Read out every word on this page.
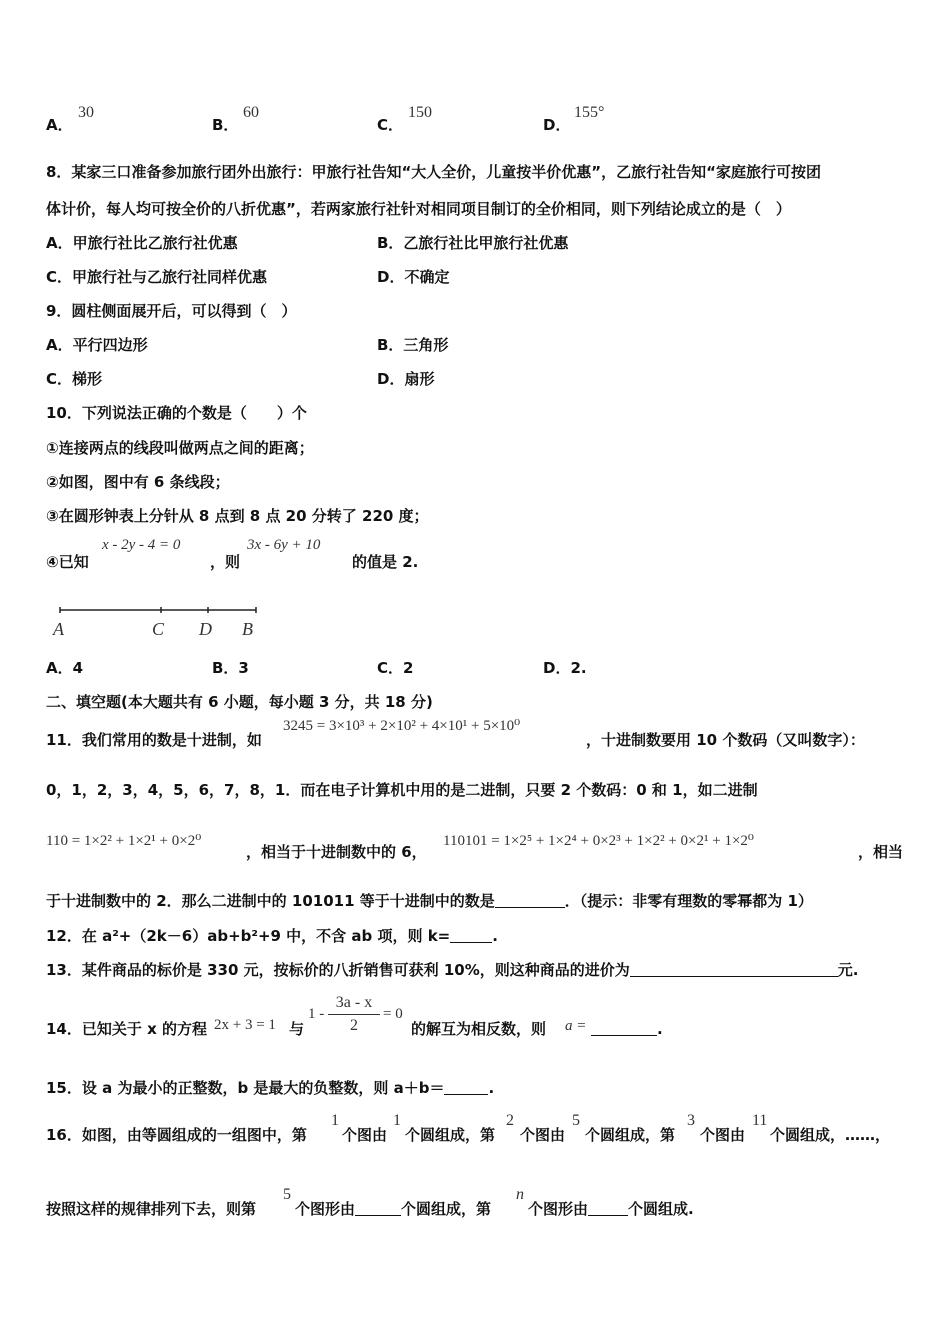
A．
30
B．
60
C．
150
D．
155°
8．某家三口准备参加旅行团外出旅行：甲旅行社告知“大人全价，儿童按半价优惠”，乙旅行社告知“家庭旅行可按团
体计价，每人均可按全价的八折优惠”，若两家旅行社针对相同项目制订的全价相同，则下列结论成立的是（　）
A．甲旅行社比乙旅行社优惠	B．乙旅行社比甲旅行社优惠
C．甲旅行社与乙旅行社同样优惠	D．不确定
9．圆柱侧面展开后，可以得到（　）
A．平行四边形	B．三角形
C．梯形	D．扇形
10．下列说法正确的个数是（　　）个
①连接两点的线段叫做两点之间的距离；
②如图，图中有 6 条线段；
③在圆形钟表上分针从 8 点到 8 点 20 分转了 220 度；
④已知
x - 2y - 4 = 0
，则
3x - 6y + 10
的值是 2.
A	C D B
A．4	B．3	C．2	D．2.
二、填空题(本大题共有 6 小题，每小题 3 分，共 18 分)
11．我们常用的数是十进制，如
3245 = 3×10³ + 2×10² + 4×10¹ + 5×10⁰
，十进制数要用 10 个数码（又叫数字）：
0，1，2，3，4，5，6，7，8，1．而在电子计算机中用的是二进制，只要 2 个数码：0 和 1，如二进制
110 = 1×2² + 1×2¹ + 0×2⁰
，相当于十进制数中的 6，
110101 = 1×2⁵ + 1×2⁴ + 0×2³ + 1×2² + 0×2¹ + 1×2⁰
，相当
于十进制数中的 2．那么二进制中的 101011 等于十进制中的数是	．（提示：非零有理数的零幂都为 1）
12．在 a²+（2k－6）ab+b²+9 中，不含 ab 项，则 k=	.
13．某件商品的标价是 330 元，按标价的八折销售可获利 10%，则这种商品的进价为	元.
14．已知关于 x 的方程 2x + 3 = 1 与
$1 - \frac{3a - x}{2} = 0$
的解互为相反数，则 a =	.
15．设 a 为最小的正整数，b 是最大的负整数，则 a＋b＝	.
16．如图，由等圆组成的一组图中，第
1
个图由
1
个圆组成，第
2
个图由
5
个圆组成，第
3
个图由
11
个圆组成，……，
按照这样的规律排列下去，则第
5
个图形由	个圆组成，第
n
个图形由	个圆组成.
